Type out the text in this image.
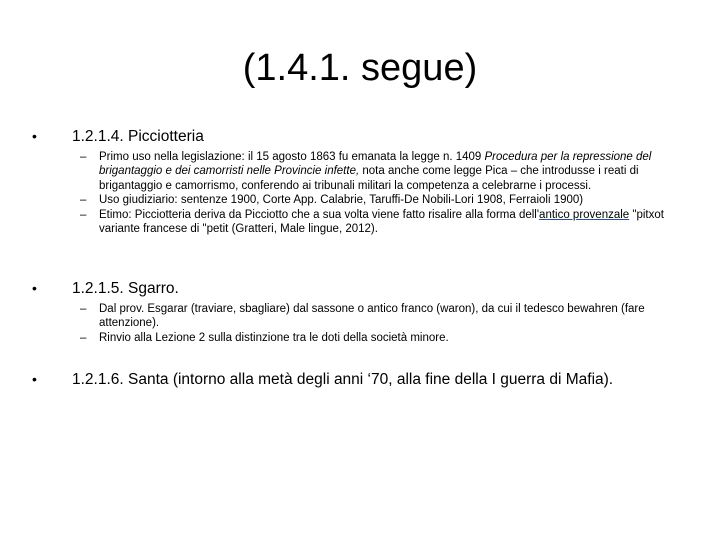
(1.4.1. segue)
• 1.2.1.4. Picciotteria
– Primo uso nella legislazione: il 15 agosto 1863 fu emanata la legge n. 1409 Procedura per la repressione del brigantaggio e dei camorristi nelle Provincie infette, nota anche come legge Pica – che introdusse i reati di brigantaggio e camorrismo, conferendo ai tribunali militari la competenza a celebrarne i processi.
– Uso giudiziario: sentenze 1900, Corte App. Calabrie, Taruffi-De Nobili-Lori 1908, Ferraioli 1900)
– Etimo: Picciotteria deriva da Picciotto che a sua volta viene fatto risalire alla forma dell'antico provenzale "pitxot variante francese di "petit (Gratteri, Male lingue, 2012).
• 1.2.1.5. Sgarro.
– Dal prov. Esgarar (traviare, sbagliare) dal sassone o antico franco (waron), da cui il tedesco bewahren (fare attenzione).
– Rinvio alla Lezione 2 sulla distinzione tra le doti della società minore.
• 1.2.1.6. Santa (intorno alla metà degli anni ‘70, alla fine della I guerra di Mafia).
